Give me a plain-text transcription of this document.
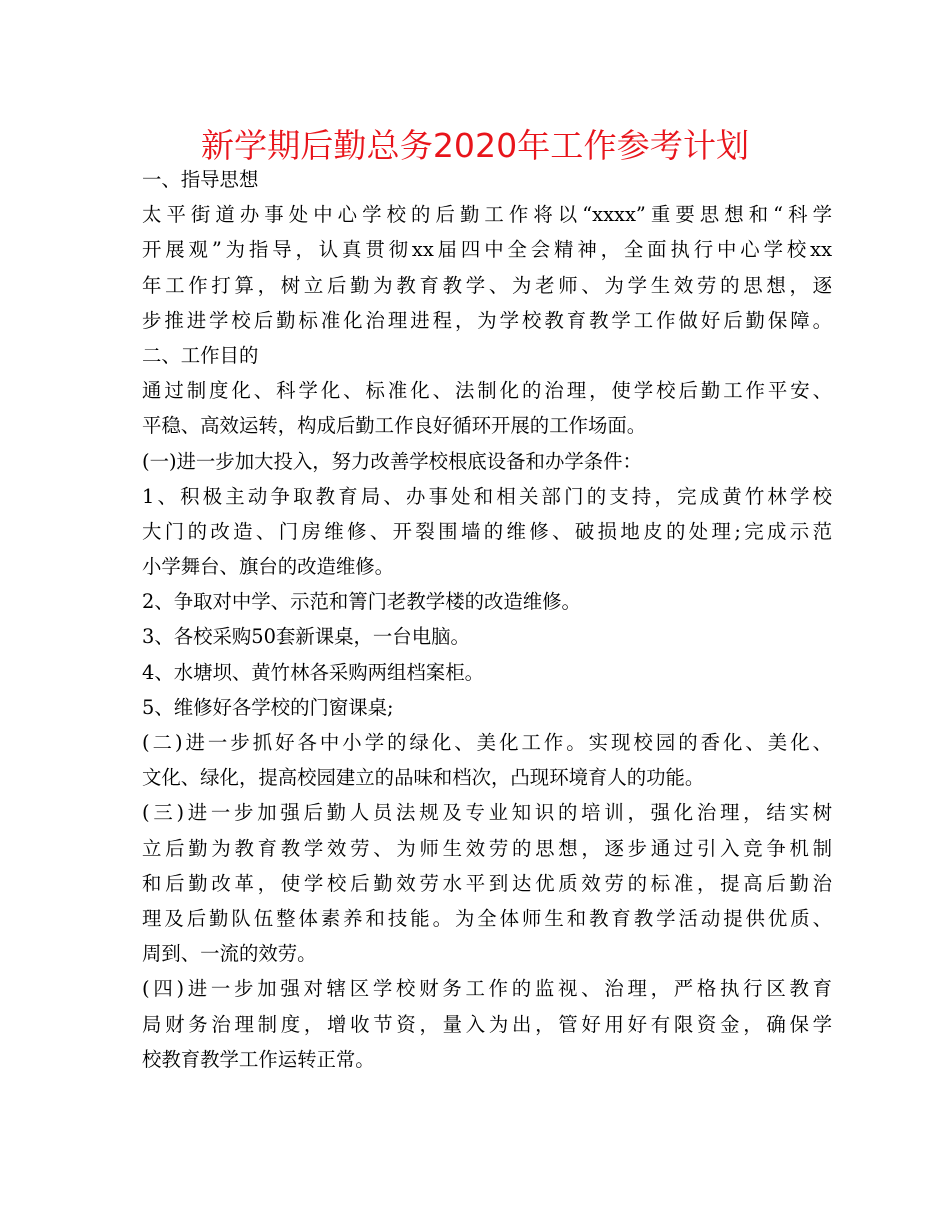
新学期后勤总务2020年工作参考计划
一、指导思想
太平街道办事处中心学校的后勤工作将以“xxxx”重要思想和“科学
开展观”为指导，认真贯彻xx届四中全会精神，全面执行中心学校xx
年工作打算，树立后勤为教育教学、为老师、为学生效劳的思想，逐
步推进学校后勤标准化治理进程，为学校教育教学工作做好后勤保障。
二、工作目的
通过制度化、科学化、标准化、法制化的治理，使学校后勤工作平安、
平稳、高效运转，构成后勤工作良好循环开展的工作场面。
(一)进一步加大投入，努力改善学校根底设备和办学条件：
1、积极主动争取教育局、办事处和相关部门的支持，完成黄竹林学校
大门的改造、门房维修、开裂围墙的维修、破损地皮的处理;完成示范
小学舞台、旗台的改造维修。
2、争取对中学、示范和箐门老教学楼的改造维修。
3、各校采购50套新课桌，一台电脑。
4、水塘坝、黄竹林各采购两组档案柜。
5、维修好各学校的门窗课桌;
(二)进一步抓好各中小学的绿化、美化工作。实现校园的香化、美化、
文化、绿化，提高校园建立的品味和档次，凸现环境育人的功能。
(三)进一步加强后勤人员法规及专业知识的培训，强化治理，结实树
立后勤为教育教学效劳、为师生效劳的思想，逐步通过引入竞争机制
和后勤改革，使学校后勤效劳水平到达优质效劳的标准，提高后勤治
理及后勤队伍整体素养和技能。为全体师生和教育教学活动提供优质、
周到、一流的效劳。
(四)进一步加强对辖区学校财务工作的监视、治理，严格执行区教育
局财务治理制度，增收节资，量入为出，管好用好有限资金，确保学
校教育教学工作运转正常。
